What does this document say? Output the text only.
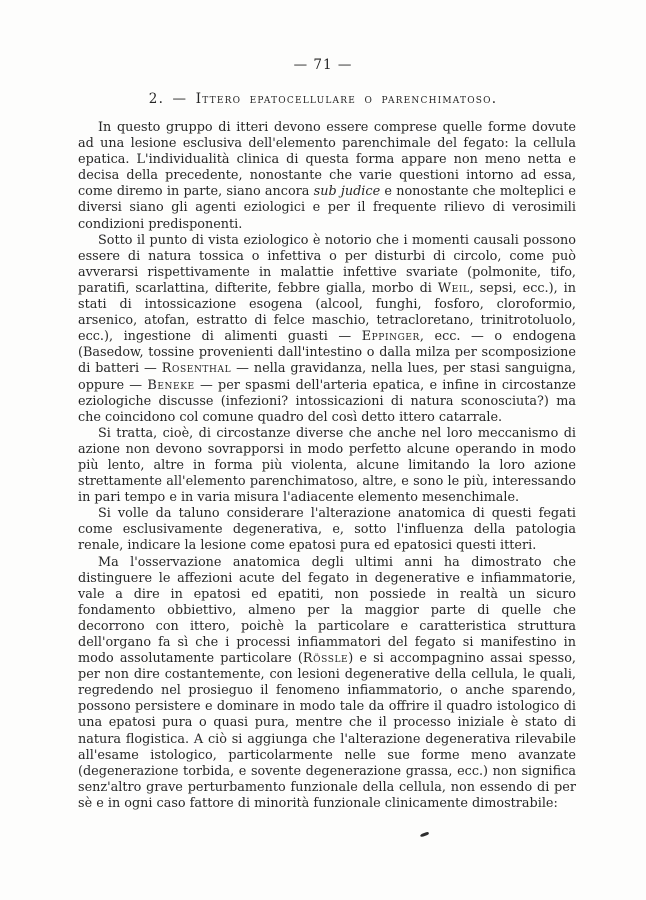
— 71 —
2. — Ittero epatocellulare o parenchimatoso.

In questo gruppo di itteri devono essere comprese quelle forme dovute ad una lesione esclusiva dell'elemento parenchimale del fegato: la cellula epatica. L'individualità clinica di questa forma appare non meno netta e decisa della precedente, nonostante che varie questioni intorno ad essa, come diremo in parte, siano ancora sub judice e nonostante che molteplici e diversi siano gli agenti eziologici e per il frequente rilievo di verosimili condizioni predisponenti.

Sotto il punto di vista eziologico è notorio che i momenti causali possono essere di natura tossica o infettiva o per disturbi di circolo, come può avverarsi rispettivamente in malattie infettive svariate (polmonite, tifo, paratifi, scarlattina, difterite, febbre gialla, morbo di Weil, sepsi, ecc.), in stati di intossicazione esogena (alcool, funghi, fosforo, cloroformio, arsenico, atofan, estratto di felce maschio, tetracloretano, trinitrotoluolo, ecc.), ingestione di alimenti guasti — Eppinger, ecc. — o endogena (Basedow, tossine provenienti dall'intestino o dalla milza per scomposizione di batteri — Rosenthal — nella gravidanza, nella lues, per stasi sanguigna, oppure — Beneke — per spasmi dell'arteria epatica, e infine in circostanze eziologiche discusse (infezioni? intossicazioni di natura sconosciuta?) ma che coincidono col comune quadro del così detto ittero catarrale.

Si tratta, cioè, di circostanze diverse che anche nel loro meccanismo di azione non devono sovrapporsi in modo perfetto alcune operando in modo più lento, altre in forma più violenta, alcune limitando la loro azione strettamente all'elemento parenchimatoso, altre, e sono le più, interessando in pari tempo e in varia misura l'adiacente elemento mesenchimale.

Si volle da taluno considerare l'alterazione anatomica di questi fegati come esclusivamente degenerativa, e, sotto l'influenza della patologia renale, indicare la lesione come epatosi pura ed epatosici questi itteri.

Ma l'osservazione anatomica degli ultimi anni ha dimostrato che distinguere le affezioni acute del fegato in degenerative e infiammatorie, vale a dire in epatosi ed epatiti, non possiede in realtà un sicuro fondamento obbiettivo, almeno per la maggior parte di quelle che decorrono con ittero, poichè la particolare e caratteristica struttura dell'organo fa sì che i processi infiammatori del fegato si manifestino in modo assolutamente particolare (Rössle) e si accompagnino assai spesso, per non dire costantemente, con lesioni degenerative della cellula, le quali, regredendo nel prosieguo il fenomeno infiammatorio, o anche sparendo, possono persistere e dominare in modo tale da offrire il quadro istologico di una epatosi pura o quasi pura, mentre che il processo iniziale è stato di natura flogistica. A ciò si aggiunga che l'alterazione degenerativa rilevabile all'esame istologico, particolarmente nelle sue forme meno avanzate (degenerazione torbida, e sovente degenerazione grassa, ecc.) non significa senz'altro grave perturbamento funzionale della cellula, non essendo di per sè e in ogni caso fattore di minorità funzionale clinicamente dimostrabile:
